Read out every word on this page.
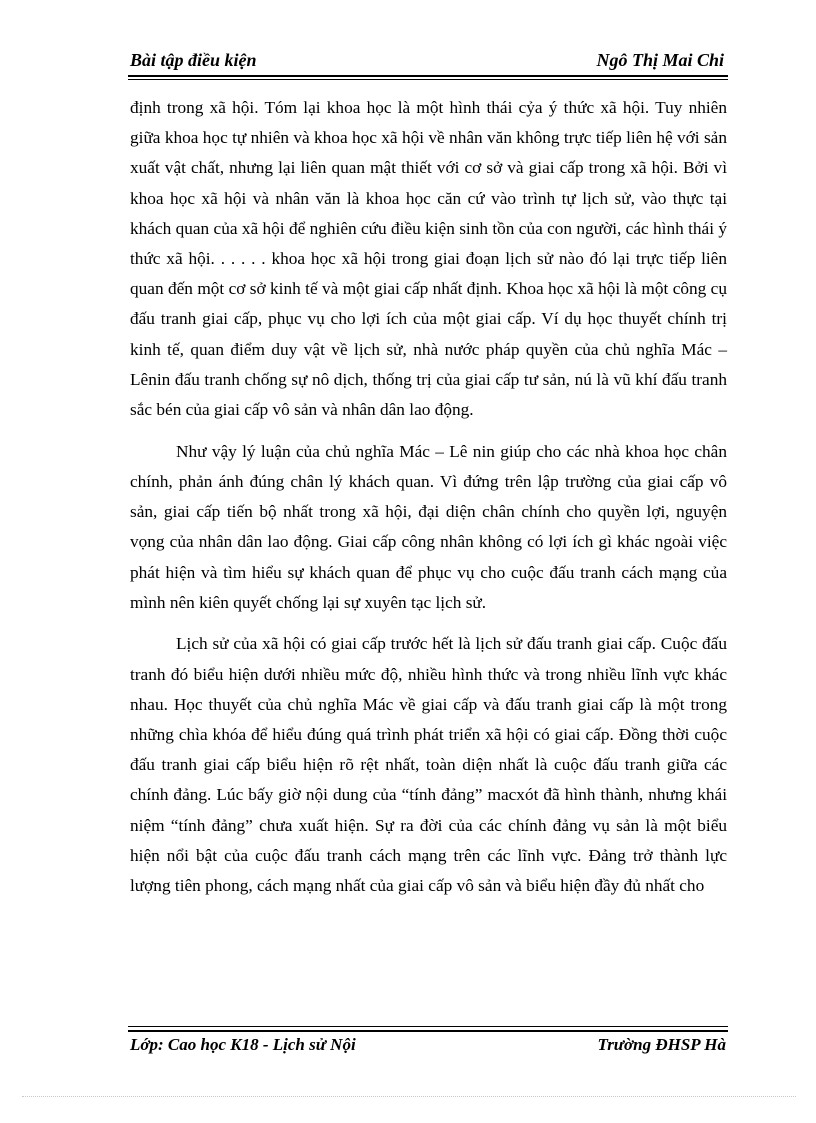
Bài tập điều kiện	Ngô Thị Mai Chi

định trong xã hội. Tóm lại khoa học là một hình thái cỷa ý thức xã hội. Tuy nhiên giữa khoa học tự nhiên và khoa học xã hội về nhân văn không trực tiếp liên hệ với sản xuất vật chất, nhưng lại liên quan mật thiết với cơ sở và giai cấp trong xã hội. Bởi vì khoa học xã hội và nhân văn là khoa học căn cứ vào trình tự lịch sử, vào thực tại khách quan của xã hội để nghiên cứu điều kiện sinh tồn của con người, các hình thái ý thức xã hội. . . . . . khoa học xã hội trong giai đoạn lịch sử nào đó lại trực tiếp liên quan đến một cơ sở kinh tế và một giai cấp nhất định. Khoa học xã hội là một công cụ đấu tranh giai cấp, phục vụ cho lợi ích của một giai cấp. Ví dụ học thuyết chính trị kinh tế, quan điểm duy vật về lịch sử, nhà nước pháp quyền của chủ nghĩa Mác – Lênin đấu tranh chống sự nô dịch, thống trị của giai cấp tư sản, nú là vũ khí đấu tranh sắc bén của giai cấp vô sản và nhân dân lao động.

Như vậy lý luận của chủ nghĩa Mác – Lê nin giúp cho các nhà khoa học chân chính, phản ánh đúng chân lý khách quan. Vì đứng trên lập trường của giai cấp vô sản, giai cấp tiến bộ nhất trong xã hội, đại diện chân chính cho quyền lợi, nguyện vọng của nhân dân lao động. Giai cấp công nhân không có lợi ích gì khác ngoài việc phát hiện và tìm hiểu sự khách quan để phục vụ cho cuộc đấu tranh cách mạng của mình nên kiên quyết chống lại sự xuyên tạc lịch sử.

Lịch sử của xã hội có giai cấp trước hết là lịch sử đấu tranh giai cấp. Cuộc đấu tranh đó biểu hiện dưới nhiều mức độ, nhiều hình thức và trong nhiều lĩnh vực khác nhau. Học thuyết của chủ nghĩa Mác về giai cấp và đấu tranh giai cấp là một trong những chìa khóa để hiểu đúng quá trình phát triển xã hội có giai cấp. Đồng thời cuộc đấu tranh giai cấp biểu hiện rõ rệt nhất, toàn diện nhất là cuộc đấu tranh giữa các chính đảng. Lúc bấy giờ nội dung của “tính đảng” macxót đã hình thành, nhưng khái niệm “tính đảng” chưa xuất hiện. Sự ra đời của các chính đảng vụ sản là một biểu hiện nổi bật của cuộc đấu tranh cách mạng trên các lĩnh vực. Đảng trở thành lực lượng tiên phong, cách mạng nhất của giai cấp vô sản và biểu hiện đầy đủ nhất cho

Lớp: Cao học K18 - Lịch sử Nội	Trường ĐHSP Hà
